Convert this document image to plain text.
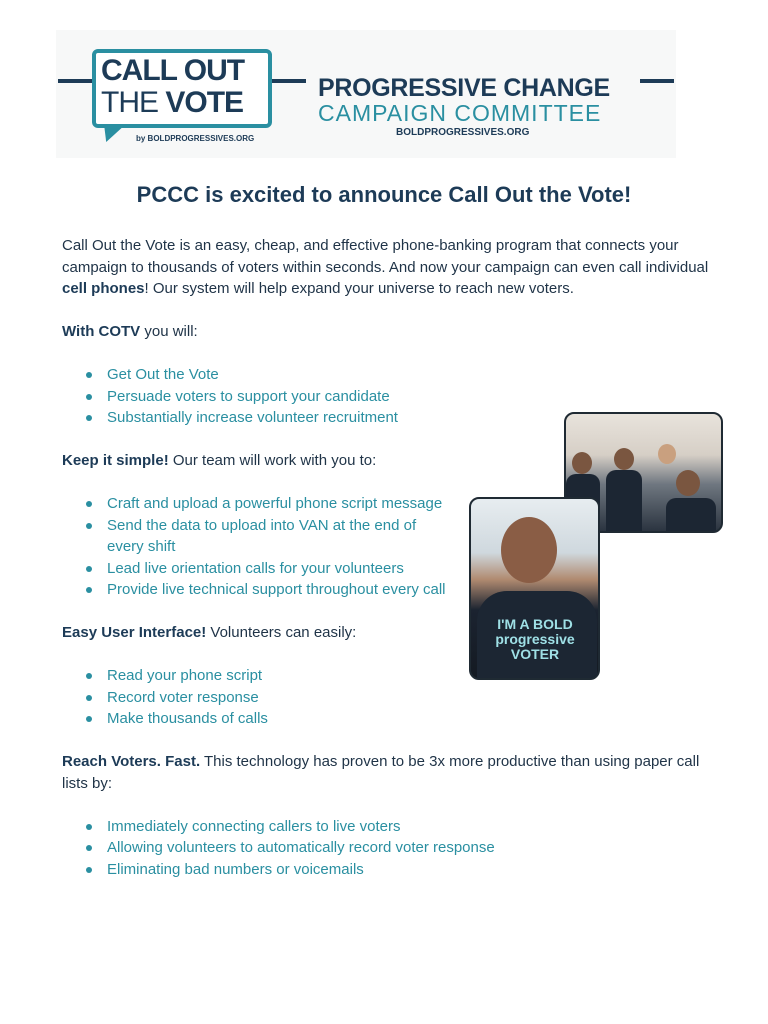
CALL OUT
THE VOTE
by BOLDPROGRESSIVES.ORG
PROGRESSIVE CHANGE
CAMPAIGN COMMITTEE
BOLDPROGRESSIVES.ORG
PCCC is excited to announce Call Out the Vote!

Call Out the Vote is an easy, cheap, and effective phone-banking program that connects your campaign to thousands of voters within seconds. And now your campaign can even call individual cell phones! Our system will help expand your universe to reach new voters.

With COTV you will:

Get Out the Vote
Persuade voters to support your candidate
Substantially increase volunteer recruitment

Keep it simple! Our team will work with you to:

Craft and upload a powerful phone script message
Send the data to upload into VAN at the end of every shift
Lead live orientation calls for your volunteers
Provide live technical support throughout every call

Easy User Interface! Volunteers can easily:

Read your phone script
Record voter response
Make thousands of calls

Reach Voters. Fast. This technology has proven to be 3x more productive than using paper call lists by:

Immediately connecting callers to live voters
Allowing volunteers to automatically record voter response
Eliminating bad numbers or voicemails
I'M A BOLD progressive VOTER
